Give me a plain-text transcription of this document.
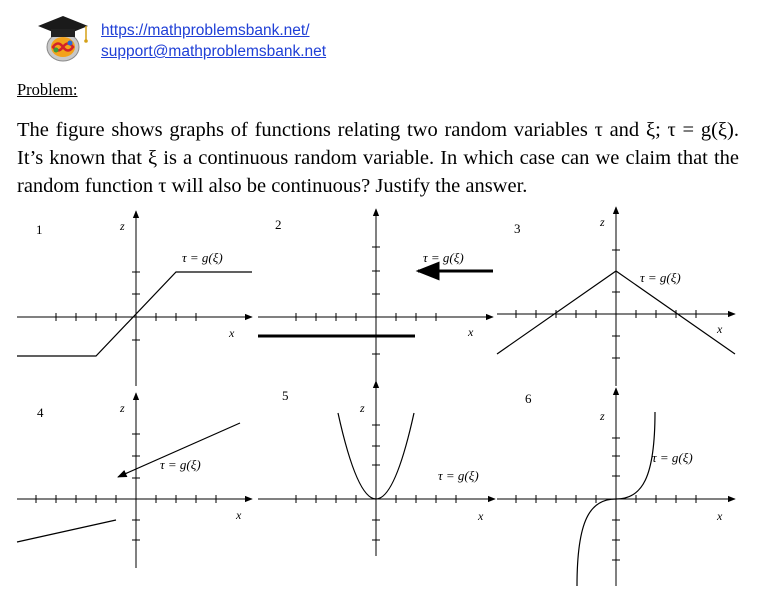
https://mathproblemsbank.net/
support@mathproblemsbank.net
Problem:
The figure shows graphs of functions relating two random variables τ and ξ; τ = g(ξ). It’s known that ξ is a continuous random variable. In which case can we claim that the random function τ will also be continuous? Justify the answer.
1
τ = g(ξ)
z
x
2
τ = g(ξ)
x
3
τ = g(ξ)
z
x
4
τ = g(ξ)
z
x
5
τ = g(ξ)
z
x
6
τ = g(ξ)
z
x
